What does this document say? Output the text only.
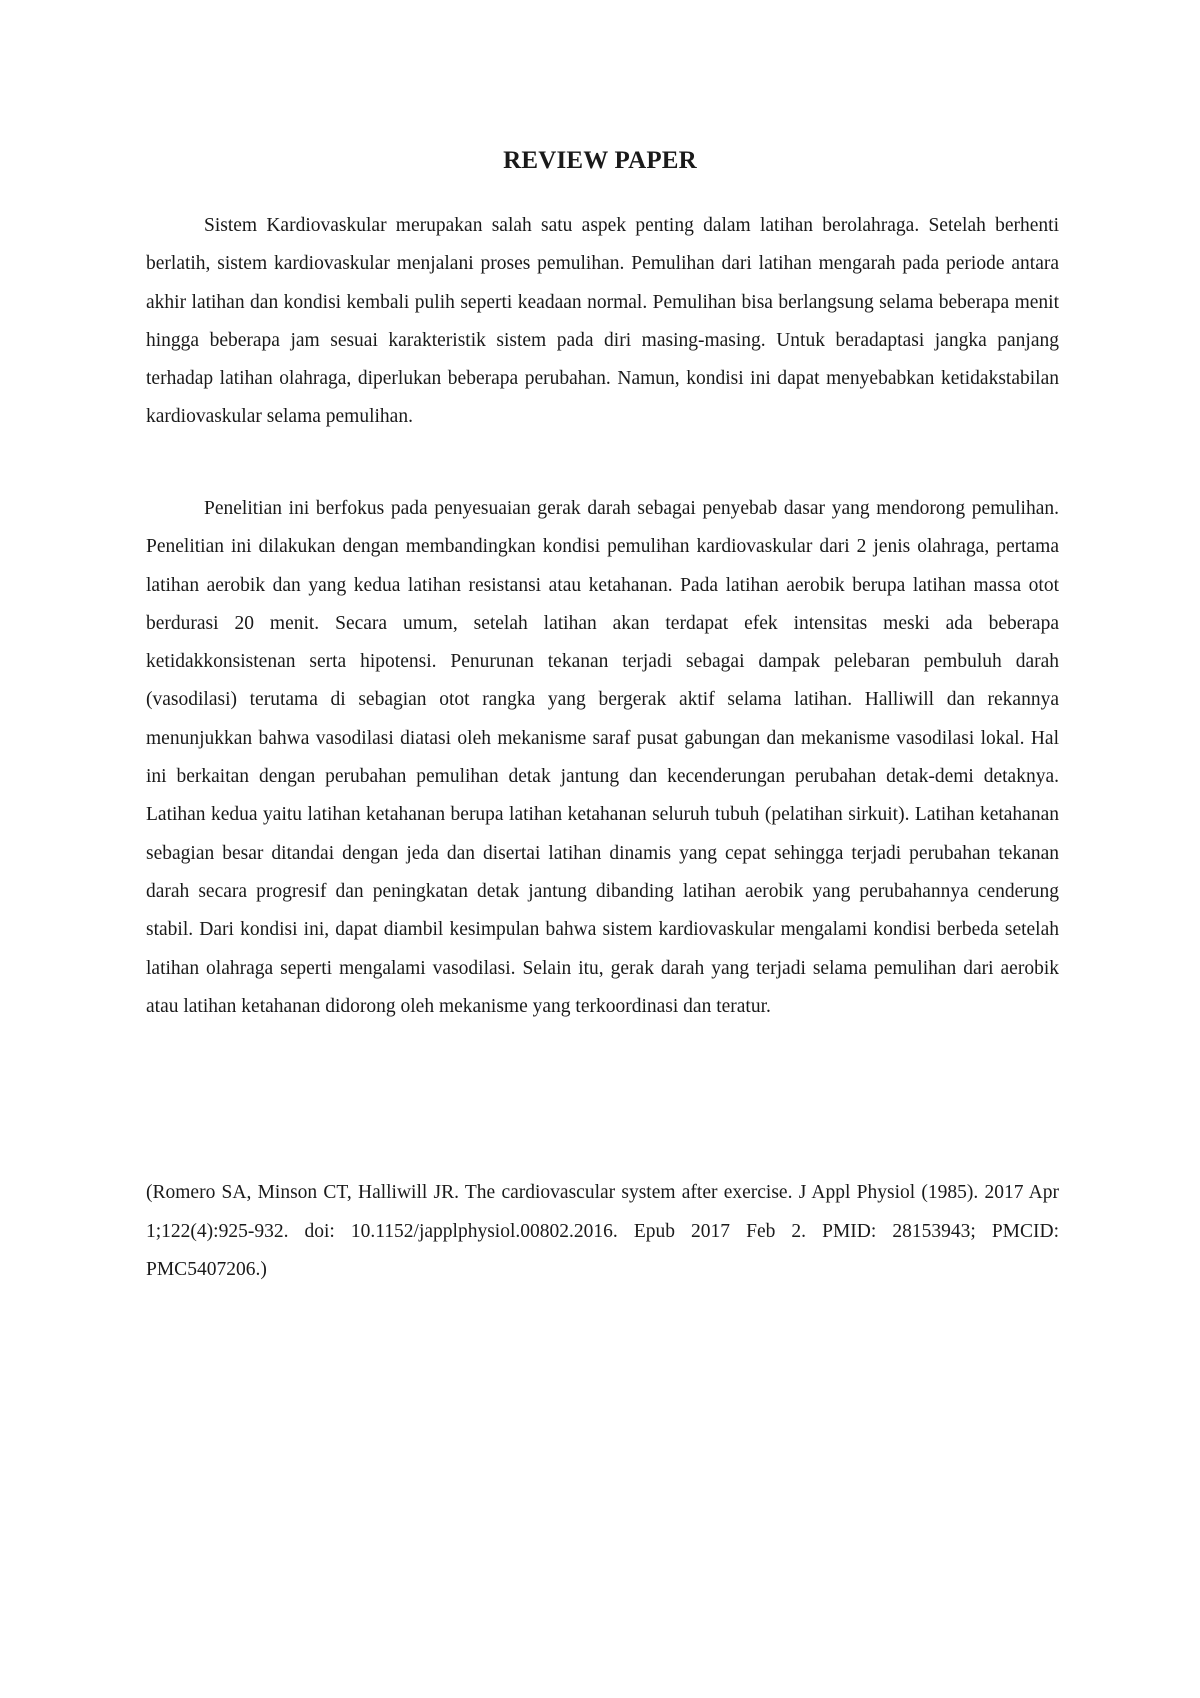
REVIEW PAPER

Sistem Kardiovaskular merupakan salah satu aspek penting dalam latihan berolahraga. Setelah berhenti berlatih, sistem kardiovaskular menjalani proses pemulihan. Pemulihan dari latihan mengarah pada periode antara akhir latihan dan kondisi kembali pulih seperti keadaan normal. Pemulihan bisa berlangsung selama beberapa menit hingga beberapa jam sesuai karakteristik sistem pada diri masing-masing. Untuk beradaptasi jangka panjang terhadap latihan olahraga, diperlukan beberapa perubahan. Namun, kondisi ini dapat menyebabkan ketidakstabilan kardiovaskular selama pemulihan.

Penelitian ini berfokus pada penyesuaian gerak darah sebagai penyebab dasar yang mendorong pemulihan. Penelitian ini dilakukan dengan membandingkan kondisi pemulihan kardiovaskular dari 2 jenis olahraga, pertama latihan aerobik dan yang kedua latihan resistansi atau ketahanan. Pada latihan aerobik berupa latihan massa otot berdurasi 20 menit. Secara umum, setelah latihan akan terdapat efek intensitas meski ada beberapa ketidakkonsistenan serta hipotensi. Penurunan tekanan terjadi sebagai dampak pelebaran pembuluh darah (vasodilasi) terutama di sebagian otot rangka yang bergerak aktif selama latihan. Halliwill dan rekannya menunjukkan bahwa vasodilasi diatasi oleh mekanisme saraf pusat gabungan dan mekanisme vasodilasi lokal. Hal ini berkaitan dengan perubahan pemulihan detak jantung dan kecenderungan perubahan detak-demi detaknya. Latihan kedua yaitu latihan ketahanan berupa latihan ketahanan seluruh tubuh (pelatihan sirkuit). Latihan ketahanan sebagian besar ditandai dengan jeda dan disertai latihan dinamis yang cepat sehingga terjadi perubahan tekanan darah secara progresif dan peningkatan detak jantung dibanding latihan aerobik yang perubahannya cenderung stabil. Dari kondisi ini, dapat diambil kesimpulan bahwa sistem kardiovaskular mengalami kondisi berbeda setelah latihan olahraga seperti mengalami vasodilasi. Selain itu, gerak darah yang terjadi selama pemulihan dari aerobik atau latihan ketahanan didorong oleh mekanisme yang terkoordinasi dan teratur.

(Romero SA, Minson CT, Halliwill JR. The cardiovascular system after exercise. J Appl Physiol (1985). 2017 Apr 1;122(4):925-932. doi: 10.1152/japplphysiol.00802.2016. Epub 2017 Feb 2. PMID: 28153943; PMCID: PMC5407206.)
